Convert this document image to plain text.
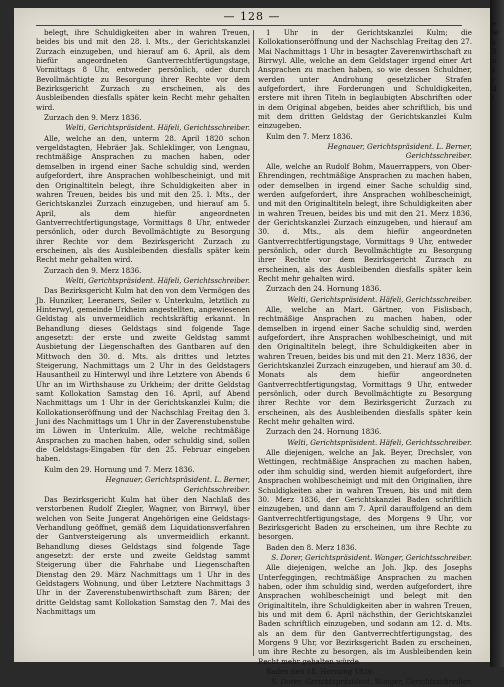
— 128 —

belegt, ihre Schuldigkeiten aber in wahren Treuen, beides bis und mit den 28. l. Mts., der Gerichtskanzlei Zurzach einzugeben, und hierauf am 6. April, als dem hiefür angeordneten Gantverrechtfertigungstage, Vormittags 8 Uhr, entweder persönlich, oder durch Bevollmächtigte zu Besorgung ihrer Rechte vor dem Bezirksgericht Zurzach zu erscheinen, als des Ausbleibenden diesfalls später kein Recht mehr gehalten wird.

Zurzach den 9. Merz 1836.

Welti, Gerichtspräsident. Häfeli, Gerichtsschreiber.

Alle, welche an den, unterm 28. April 1820 schon vergeldstagten, Hebräer Jak. Schleklinger, von Lengnau, rechtmäßige Ansprachen zu machen haben, oder demselben in irgend einer Sache schuldig sind, werden aufgefordert, ihre Ansprachen wohlbescheinigt, und mit den Originaltiteln belegt, ihre Schuldigkeiten aber in wahren Treuen, beides bis und mit den 25. l. Mts., der Gerichtskanzlei Zurzach einzugeben, und hierauf am 5. April, als dem hiefür angeordneten Gantverrechtfertigungstage, Vormittags 8 Uhr, entweder persönlich, oder durch Bevollmächtigte zu Besorgung ihrer Rechte vor dem Bezirksgericht Zurzach zu erscheinen, als des Ausbleibenden diesfalls später kein Recht mehr gehalten wird.

Zurzach den 9. Merz 1836.

Welti, Gerichtspräsident. Häfeli, Gerichtsschreiber.

Das Bezirksgericht Kulm hat den von dem Vermögen des Jb. Hunziker, Leeraners, Seiler v. Unterkulm, letztlich zu Hinterwyl, gemeinde Urkheim angestellten, angewiesenen Geldstag als unvermeidlich rechtskräftig erkannt. In Behandlung dieses Geldstags sind folgende Tage angesetzt: der erste und zweite Geldstag sammt Ausbietung der Liegenschaften des Gantbaren auf den Mittwoch den 30. d. Mts. als drittes und letztes Steigerung, Nachmittags um 2 Uhr in des Geldstagers Hausantheil zu Hinterwyl und ihre Letztere von Abends 6 Uhr an im Wirthshause zu Urkheim; der dritte Geldstag samt Kollokation Samstag den 16. April, auf Abend Nachmittags um 1 Uhr in der Gerichtskanzlei Kulm; die Kollokationseröffnung und der Nachschlag Freitag den 3. Juni des Nachmittags um 1 Uhr in der Zaverenstubenstube im Löwen in Unterkulm. Alle, welche rechtmäßige Ansprachen zu machen haben, oder schuldig sind, sollen die Geldstags-Eingaben für den 25. Februar eingeben haben.

Kulm den 29. Hornung und 7. Merz 1836.

Hegnauer, Gerichtspräsident. L. Berner, Gerichtsschreiber.

Das Bezirksgericht Kulm hat über den Nachlaß des verstorbenen Rudolf Ziegler, Wagner, von Birrwyl, über welchen von Seite Jungerat Angehörigen eine Geldstags-Verhandlung geöffnet, gemäß dem Liquidationsverfahren der Gantversteigerung als unvermeidlich erkannt. Behandlung dieses Geldstags sind folgende Tage angesetzt: der erste und zweite Geldstag sammt Steigerung über die Fahrhabe und Liegenschaften Dienstag den 29. März Nachmittags um 1 Uhr in des Geldstagers Wohnung, und über Letztere Nachmittags 3 Uhr in der Zaverenstubenwirthschaft zum Bären; der dritte Geldstag samt Kollokation Samstag den 7. Mai des Nachmittags um

1 Uhr in der Gerichtskanzlei Kulm; die Kollokationseröffnung und der Nachschlag Freitag den 27. Mai Nachmittags 1 Uhr in besagter Zaverenwirthschaft zu Birrwyl. Alle, welche an dem Geldstager irgend einer Art Ansprachen zu machen haben, so wie dessen Schuldner, werden unter Androhung gesetzlicher Strafen aufgefordert, ihre Forderungen und Schuldigkeiten, erstere mit ihren Titeln in beglaubigten Abschriften oder in dem Original abgeben, beides aber schriftlich, bis und mit dem dritten Geldstag der Gerichtskanzlei Kulm einzugeben.

Kulm den 7. Merz 1836.

Hegnauer, Gerichtspräsident. L. Berner, Gerichtsschreiber.

Alle, welche an Rudolf Bohm, Mauerrappers, von Ober-Ehrendingen, rechtmäßige Ansprachen zu machen haben, oder demselben in irgend einer Sache schuldig sind, werden aufgefordert, ihre Ansprachen wohlbescheinigt, und mit den Originaltiteln belegt, ihre Schuldigkeiten aber in wahren Treuen, beides bis und mit den 21. Merz 1836, der Gerichtskanzlei Zurzach einzugeben, und hierauf am 30. d. Mts., als dem hiefür angeordneten Gantverrechtfertigungstage, Vormittags 9 Uhr, entweder persönlich, oder durch Bevollmächtigte zu Besorgung ihrer Rechte vor dem Bezirksgericht Zurzach zu erscheinen, als des Ausbleibenden diesfalls später kein Recht mehr gehalten wird.

Zurzach den 24. Hornung 1836.

Welti, Gerichtspräsident. Häfeli, Gerichtsschreiber.

Alle, welche an Mart. Gärtner, von Fislisbach, rechtmäßige Ansprachen zu machen haben, oder demselben in irgend einer Sache schuldig sind, werden aufgefordert, ihre Ansprachen wohlbescheinigt, und mit den Originaltiteln belegt, ihre Schuldigkeiten aber in wahren Treuen, beides bis und mit den 21. Merz 1836, der Gerichtskanzlei Zurzach einzugeben, und hierauf am 30. d. Monats als dem hiefür angeordneten Gantverrechtfertigungstag, Vormittags 9 Uhr, entweder persönlich, oder durch Bevollmächtigte zu Besorgung ihrer Rechte vor dem Bezirksgericht Zurzach zu erscheinen, als des Ausbleibenden diesfalls später kein Recht mehr gehalten wird.

Zurzach den 24. Hornung 1836.

Welti, Gerichtspräsident. Häfeli, Gerichtsschreiber.

Alle diejenigen, welche an Jak. Beyer, Drechsler, von Wettingen, rechtmäßige Ansprachen zu machen haben, oder ihm schuldig sind, werden hiemit aufgefordert, ihre Ansprachen wohlbescheinigt und mit den Originalien, ihre Schuldigkeiten aber in wahren Treuen, bis und mit dem 30. Merz 1836, der Gerichtskanzlei Baden schriftlich einzugeben, und dann am 7. April darauffolgend an dem Gantverrechtfertigungstage, des Morgens 9 Uhr, vor Bezirksgericht Baden zu erscheinen, um ihre Rechte zu besorgen.

Baden den 8. Merz 1836.

S. Dorer, Gerichtspräsident. Wanger, Gerichtsschreiber.

Alle diejenigen, welche an Joh. Jkp. des Josephs Unterfeggingen, rechtmäßige Ansprachen zu machen haben, oder ihm schuldig sind, werden aufgefordert, ihre Ansprachen wohlbescheinigt und belegt mit den Originaltiteln, ihre Schuldigkeiten aber in wahren Treuen, bis und mit dem 6. April nächsthin, der Gerichtskanzlei Baden schriftlich einzugeben, und sodann am 12. d. Mts. als an dem für den Gantverrechtfertigungstag, des Morgens 9 Uhr, vor Bezirksgericht Baden zu erscheinen, um ihre Rechte zu besorgen, als im Ausbleibenden kein Recht mehr gehalten würde.

Baden den 18. Hornung 1836.

S. Dorer, Gerichtspräsident. Wanger, Gerichtsschreiber.

e
ie
s
3
n
t
r
d
i
